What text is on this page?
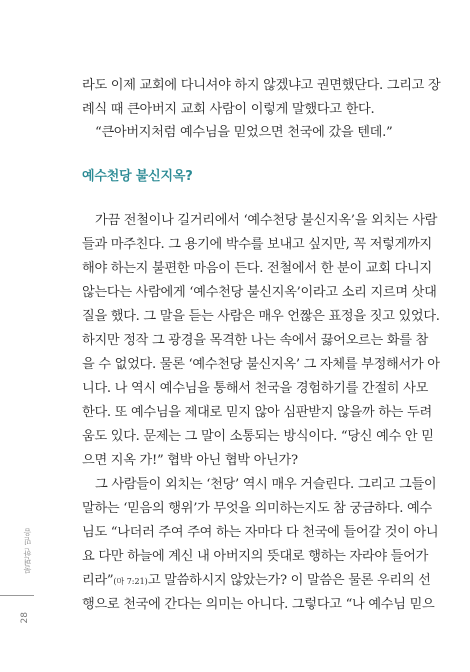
라도 이제 교회에 다니셔야 하지 않겠냐고 권면했단다. 그리고 장
례식 때 큰아버지 교회 사람이 이렇게 말했다고 한다.
“큰아버지처럼 예수님을 믿었으면 천국에 갔을 텐데.”
예수천당 불신지옥?
가끔 전철이나 길거리에서 ‘예수천당 불신지옥’을 외치는 사람
들과 마주친다. 그 용기에 박수를 보내고 싶지만, 꼭 저렇게까지
해야 하는지 불편한 마음이 든다. 전철에서 한 분이 교회 다니지
않는다는 사람에게 ‘예수천당 불신지옥’이라고 소리 지르며 삿대
질을 했다. 그 말을 듣는 사람은 매우 언짢은 표정을 짓고 있었다.
하지만 정작 그 광경을 목격한 나는 속에서 끓어오르는 화를 참
을 수 없었다. 물론 ‘예수천당 불신지옥’ 그 자체를 부정해서가 아
니다. 나 역시 예수님을 통해서 천국을 경험하기를 간절히 사모
한다. 또 예수님을 제대로 믿지 않아 심판받지 않을까 하는 두려
움도 있다. 문제는 그 말이 소통되는 방식이다. “당신 예수 안 믿
으면 지옥 가!” 협박 아닌 협박 아닌가?
그 사람들이 외치는 ‘천당’ 역시 매우 거슬린다. 그리고 그들이
말하는 ‘믿음의 행위’가 무엇을 의미하는지도 참 궁금하다. 예수
님도 “나더러 주여 주여 하는 자마다 다 천국에 들어갈 것이 아니
요 다만 하늘에 계신 내 아버지의 뜻대로 행하는 자라야 들어가
리라”(마 7:21)고 말씀하시지 않았는가? 이 말씀은 물론 우리의 선
행으로 천국에 간다는 의미는 아니다. 그렇다고 “나 예수님 믿으
불편한 믿음
28
